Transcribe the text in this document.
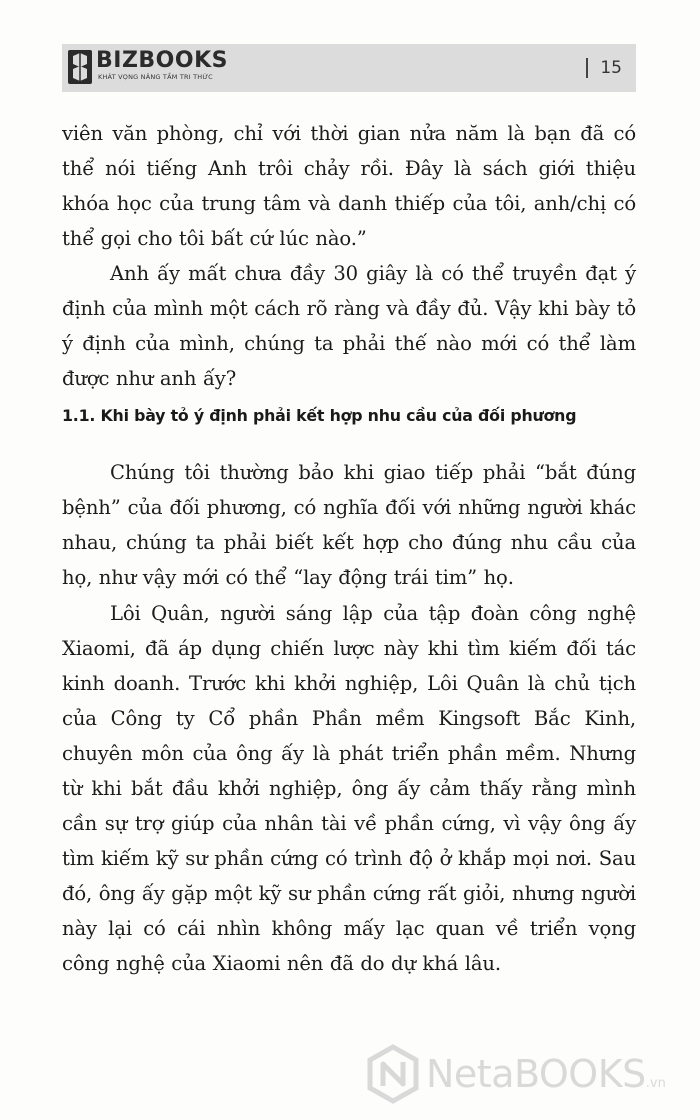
BIZBOOKS
KHÁT VỌNG NÂNG TẦM TRI THỨC	15
viên văn phòng, chỉ với thời gian nửa năm là bạn đã có thể nói tiếng Anh trôi chảy rồi. Đây là sách giới thiệu khóa học của trung tâm và danh thiếp của tôi, anh/chị có thể gọi cho tôi bất cứ lúc nào.”
Anh ấy mất chưa đầy 30 giây là có thể truyền đạt ý định của mình một cách rõ ràng và đầy đủ. Vậy khi bày tỏ ý định của mình, chúng ta phải thế nào mới có thể làm được như anh ấy?
1.1. Khi bày tỏ ý định phải kết hợp nhu cầu của đối phương
Chúng tôi thường bảo khi giao tiếp phải “bắt đúng bệnh” của đối phương, có nghĩa đối với những người khác nhau, chúng ta phải biết kết hợp cho đúng nhu cầu của họ, như vậy mới có thể “lay động trái tim” họ.
Lôi Quân, người sáng lập của tập đoàn công nghệ Xiaomi, đã áp dụng chiến lược này khi tìm kiếm đối tác kinh doanh. Trước khi khởi nghiệp, Lôi Quân là chủ tịch của Công ty Cổ phần Phần mềm Kingsoft Bắc Kinh, chuyên môn của ông ấy là phát triển phần mềm. Nhưng từ khi bắt đầu khởi nghiệp, ông ấy cảm thấy rằng mình cần sự trợ giúp của nhân tài về phần cứng, vì vậy ông ấy tìm kiếm kỹ sư phần cứng có trình độ ở khắp mọi nơi. Sau đó, ông ấy gặp một kỹ sư phần cứng rất giỏi, nhưng người này lại có cái nhìn không mấy lạc quan về triển vọng công nghệ của Xiaomi nên đã do dự khá lâu.
NetaBOOKS.vn
